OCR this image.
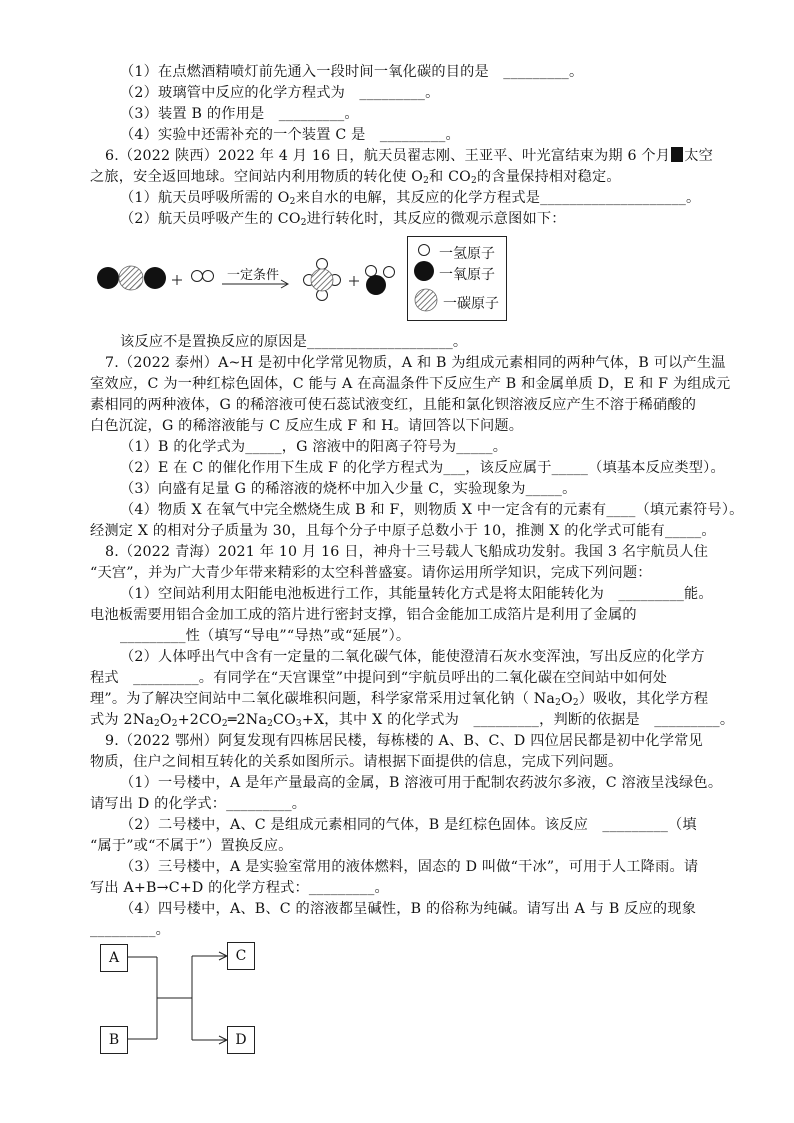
（1）在点燃酒精喷灯前先通入一段时间一氧化碳的目的是　_________。
（2）玻璃管中反应的化学方程式为　_________。
（3）装置 B 的作用是　_________。
（4）实验中还需补充的一个装置 C 是　_________。
6.（2022 陕西）2022 年 4 月 16 日，航天员翟志刚、王亚平、叶光富结束为期 6 个月 太空
之旅，安全返回地球。空间站内利用物质的转化使 $O_2$和 $CO_2$的含量保持相对稳定。
（1）航天员呼吸所需的 $O_2$来自水的电解，其反应的化学方程式是____________________。
（2）航天员呼吸产生的 $CO_2$进行转化时，其反应的微观示意图如下：
一定条件
一氢原子
一氧原子
一碳原子
该反应不是置换反应的原因是____________________。
7.（2022 泰州）A~H 是初中化学常见物质，A 和 B 为组成元素相同的两种气体，B 可以产生温
室效应，C 为一种红棕色固体，C 能与 A 在高温条件下反应生产 B 和金属单质 D，E 和 F 为组成元
素相同的两种液体，G 的稀溶液可使石蕊试液变红，且能和氯化钡溶液反应产生不溶于稀硝酸的
白色沉淀，G 的稀溶液能与 C 反应生成 F 和 H。请回答以下问题。
（1）B 的化学式为_____，G 溶液中的阳离子符号为_____。
（2）E 在 C 的催化作用下生成 F 的化学方程式为___，该反应属于_____（填基本反应类型）。
（3）向盛有足量 G 的稀溶液的烧杯中加入少量 C，实验现象为_____。
（4）物质 X 在氧气中完全燃烧生成 B 和 F，则物质 X 中一定含有的元素有____（填元素符号）。
经测定 X 的相对分子质量为 30，且每个分子中原子总数小于 10，推测 X 的化学式可能有_____。
8.（2022 青海）2021 年 10 月 16 日，神舟十三号载人飞船成功发射。我国 3 名宇航员人住
“天宫”，并为广大青少年带来精彩的太空科普盛宴。请你运用所学知识，完成下列问题：
（1）空间站利用太阳能电池板进行工作，其能量转化方式是将太阳能转化为　_________能。
电池板需要用铝合金加工成的箔片进行密封支撑，铝合金能加工成箔片是利用了金属的
_________性（填写“导电”“导热”或“延展”）。
（2）人体呼出气中含有一定量的二氧化碳气体，能使澄清石灰水变浑浊，写出反应的化学方
程式　_________。有同学在“天宫课堂”中提问到“宇航员呼出的二氧化碳在空间站中如何处
理”。为了解决空间站中二氧化碳堆积问题，科学家常采用过氧化钠（ $Na_2O_2$）吸收，其化学方程
式为 $2Na_2O_2+2CO_2═2Na_2CO_3+X$，其中 X 的化学式为　_________，判断的依据是　_________。
9.（2022 鄂州）阿复发现有四栋居民楼，每栋楼的 A、B、C、D 四位居民都是初中化学常见
物质，住户之间相互转化的关系如图所示。请根据下面提供的信息，完成下列问题。
（1）一号楼中，A 是年产量最高的金属，B 溶液可用于配制农药波尔多液，C 溶液呈浅绿色。
请写出 D 的化学式：_________。
（2）二号楼中，A、C 是组成元素相同的气体，B 是红棕色固体。该反应　_________（填
“属于”或“不属于”）置换反应。
（3）三号楼中，A 是实验室常用的液体燃料，固态的 D 叫做“干冰”，可用于人工降雨。请
写出 A+B→C+D 的化学方程式：_________。
（4）四号楼中，A、B、C 的溶液都呈碱性，B 的俗称为纯碱。请写出 A 与 B 反应的现象
_________。
A
B
C
D
